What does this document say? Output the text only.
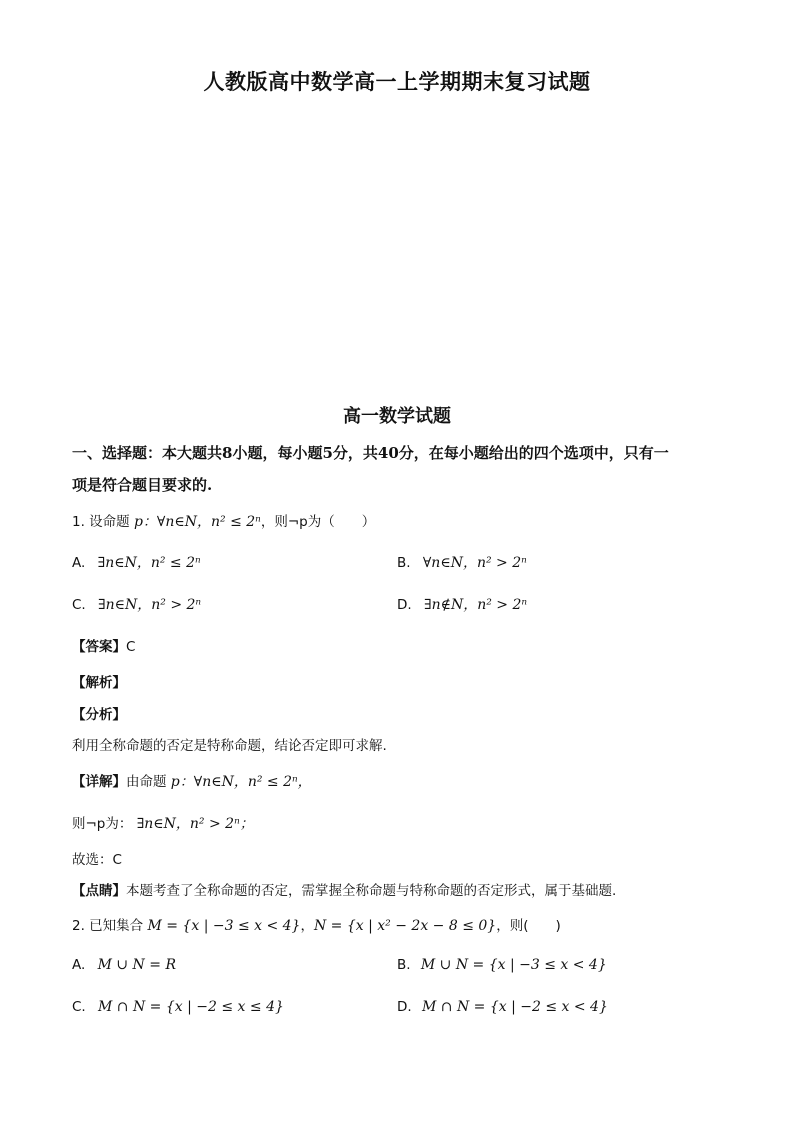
人教版高中数学高一上学期期末复习试题
高一数学试题
一、选择题：本大题共8小题，每小题5分，共40分，在每小题给出的四个选项中，只有一
项是符合题目要求的.
1. 设命题 p：∀n∈N，n² ≤ 2ⁿ，则¬p为（　　）
A. ∃n∈N，n² ≤ 2ⁿ	B. ∀n∈N，n² > 2ⁿ
C. ∃n∈N，n² > 2ⁿ	D. ∃n∉N，n² > 2ⁿ
【答案】C
【解析】
【分析】
利用全称命题的否定是特称命题，结论否定即可求解.
【详解】由命题 p：∀n∈N，n² ≤ 2ⁿ，
则¬p为： ∃n∈N，n² > 2ⁿ；
故选：C
【点睛】本题考查了全称命题的否定，需掌握全称命题与特称命题的否定形式，属于基础题.
2. 已知集合 M = {x | −3 ≤ x < 4}，N = {x | x² − 2x − 8 ≤ 0}，则(　　)
A. M ∪ N = R	B. M ∪ N = {x | −3 ≤ x < 4}
C. M ∩ N = {x | −2 ≤ x ≤ 4}	D. M ∩ N = {x | −2 ≤ x < 4}
